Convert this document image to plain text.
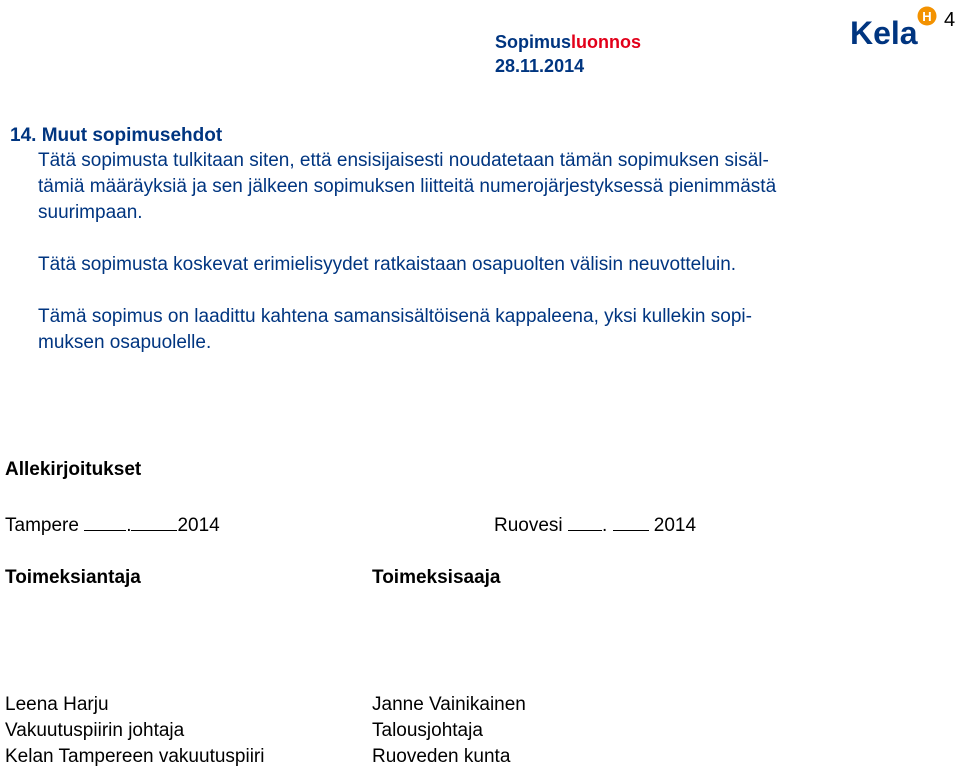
Sopimusluonnos
28.11.2014
Kela H 4
14. Muut sopimusehdot
Tätä sopimusta tulkitaan siten, että ensisijaisesti noudatetaan tämän sopimuksen sisäl-
tämiä määräyksiä ja sen jälkeen sopimuksen liitteitä numerojärjestyksessä pienimmästä
suurimpaan.
Tätä sopimusta koskevat erimielisyydet ratkaistaan osapuolten välisin neuvotteluin.
Tämä sopimus on laadittu kahtena samansisältöisenä kappaleena, yksi kullekin sopi-
muksen osapuolelle.
Allekirjoitukset
Tampere . 2014	Ruovesi . 2014
Toimeksiantaja	Toimeksisaaja
Leena Harju
Vakuutuspiirin johtaja
Kelan Tampereen vakuutuspiiri
Janne Vainikainen
Talousjohtaja
Ruoveden kunta
